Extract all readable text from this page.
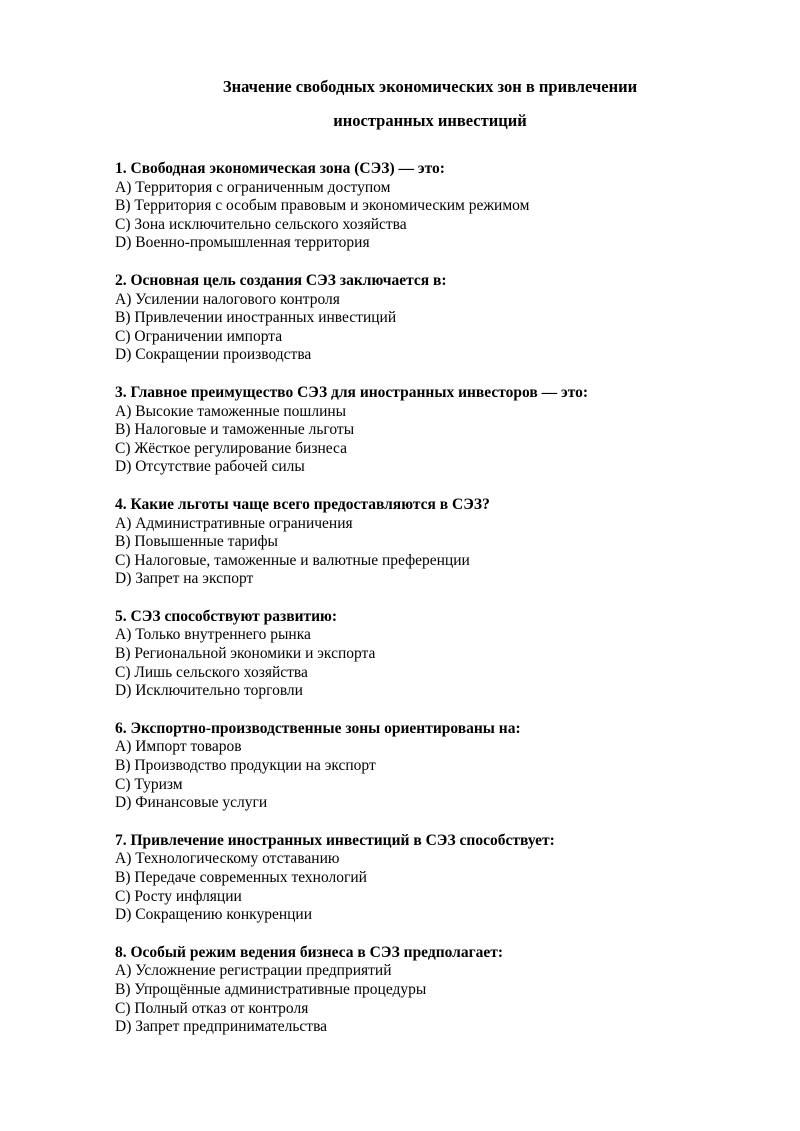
Значение свободных экономических зон в привлечении
иностранных инвестиций

1. Свободная экономическая зона (СЭЗ) — это:

A) Территория с ограниченным доступом

B) Территория с особым правовым и экономическим режимом

C) Зона исключительно сельского хозяйства

D) Военно-промышленная территория

2. Основная цель создания СЭЗ заключается в:

A) Усилении налогового контроля

B) Привлечении иностранных инвестиций

C) Ограничении импорта

D) Сокращении производства

3. Главное преимущество СЭЗ для иностранных инвесторов — это:

A) Высокие таможенные пошлины

B) Налоговые и таможенные льготы

C) Жёсткое регулирование бизнеса

D) Отсутствие рабочей силы

4. Какие льготы чаще всего предоставляются в СЭЗ?

A) Административные ограничения

B) Повышенные тарифы

C) Налоговые, таможенные и валютные преференции

D) Запрет на экспорт

5. СЭЗ способствуют развитию:

A) Только внутреннего рынка

B) Региональной экономики и экспорта

C) Лишь сельского хозяйства

D) Исключительно торговли

6. Экспортно-производственные зоны ориентированы на:

A) Импорт товаров

B) Производство продукции на экспорт

C) Туризм

D) Финансовые услуги

7. Привлечение иностранных инвестиций в СЭЗ способствует:

A) Технологическому отставанию

B) Передаче современных технологий

C) Росту инфляции

D) Сокращению конкуренции

8. Особый режим ведения бизнеса в СЭЗ предполагает:

A) Усложнение регистрации предприятий

B) Упрощённые административные процедуры

C) Полный отказ от контроля

D) Запрет предпринимательства
